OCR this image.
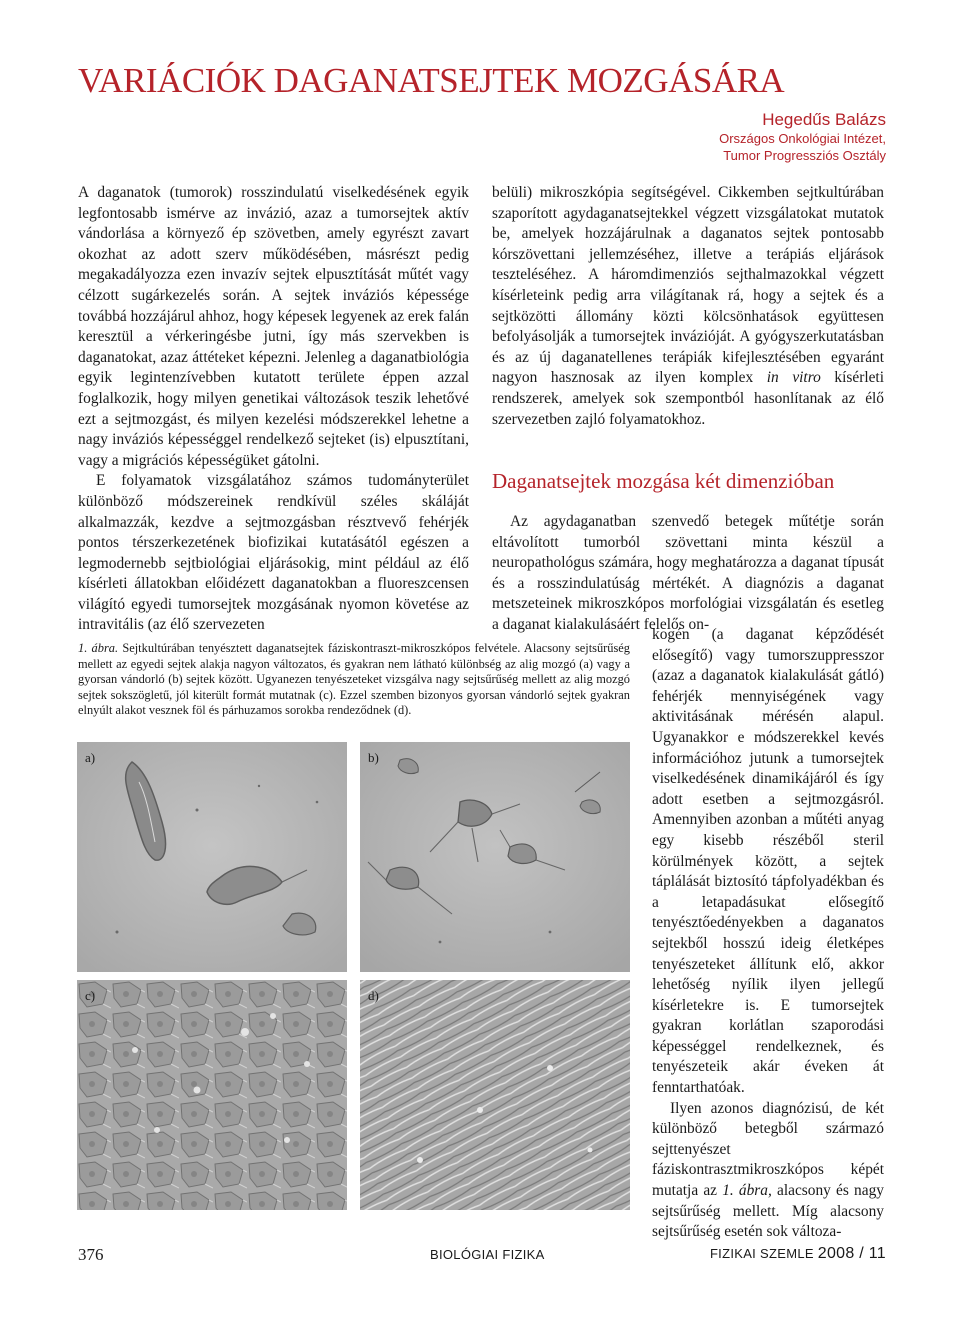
VARIÁCIÓK DAGANATSEJTEK MOZGÁSÁRA
Hegedűs Balázs
Országos Onkológiai Intézet,
Tumor Progressziós Osztály

A daganatok (tumorok) rosszindulatú viselkedésének egyik legfontosabb ismérve az invázió, azaz a tumorsejtek aktív vándorlása a környező ép szövetben, amely egyrészt zavart okozhat az adott szerv működésében, másrészt pedig megakadályozza ezen invazív sejtek elpusztítását műtét vagy célzott sugárkezelés során. A sejtek inváziós képessége továbbá hozzájárul ahhoz, hogy képesek legyenek az erek falán keresztül a vérkeringésbe jutni, így más szervekben is daganatokat, azaz áttéteket képezni. Jelenleg a daganatbiológia egyik legintenzívebben kutatott területe éppen azzal foglalkozik, hogy milyen genetikai változások teszik lehetővé ezt a sejtmozgást, és milyen kezelési módszerekkel lehetne a nagy inváziós képességgel rendelkező sejteket (is) elpusztítani, vagy a migrációs képességüket gátolni.

E folyamatok vizsgálatához számos tudományterület különböző módszereinek rendkívül széles skáláját alkalmazzák, kezdve a sejtmozgásban résztvevő fehérjék pontos térszerkezetének biofizikai kutatásától egészen a legmodernebb sejtbiológiai eljárásokig, mint például az élő kísérleti állatokban előidézett daganatokban a fluoreszcensen világító egyedi tumorsejtek mozgásának nyomon követése az intravitális (az élő szervezeten

belüli) mikroszkópia segítségével. Cikkemben sejtkultúrában szaporított agydaganatsejtekkel végzett vizsgálatokat mutatok be, amelyek hozzájárulnak a daganatos sejtek pontosabb kórszövettani jellemzéséhez, illetve a terápiás eljárások teszteléséhez. A háromdimenziós sejthalmazokkal végzett kísérleteink pedig arra világítanak rá, hogy a sejtek és a sejtközötti állomány közti kölcsönhatások együttesen befolyásolják a tumorsejtek invázióját. A gyógyszerkutatásban és az új daganatellenes terápiák kifejlesztésében egyaránt nagyon hasznosak az ilyen komplex in vitro kísérleti rendszerek, amelyek sok szempontból hasonlítanak az élő szervezetben zajló folyamatokhoz.

Daganatsejtek mozgása két dimenzióban

Az agydaganatban szenvedő betegek műtétje során eltávolított tumorból szövettani minta készül a neuropathológus számára, hogy meghatározza a daganat típusát és a rosszindulatúság mértékét. A diagnózis a daganat metszeteinek mikroszkópos morfológiai vizsgálatán és esetleg a daganat kialakulásáért felelős on-

kogén (a daganat képződését elősegítő) vagy tumorszuppresszor (azaz a daganatok kialakulását gátló) fehérjék mennyiségének vagy aktivitásának mérésén alapul. Ugyanakkor e módszerekkel kevés információhoz jutunk a tumorsejtek viselkedésének dinamikájáról és így adott esetben a sejtmozgásról. Amennyiben azonban a műtéti anyag egy kisebb részéből steril körülmények között, a sejtek táplálását biztosító tápfolyadékban és a letapadásukat elősegítő tenyésztőedényekben a daganatos sejtekből hosszú ideig életképes tenyészeteket állítunk elő, akkor lehetőség nyílik ilyen jellegű kísérletekre is. E tumorsejtek gyakran korlátlan szaporodási képességgel rendelkeznek, és tenyészeteik akár éveken át fenntarthatóak.

Ilyen azonos diagnózisú, de két különböző betegből származó sejttenyészet fáziskontrasztmikroszkópos képét mutatja az 1. ábra, alacsony és nagy sejtsűrűség mellett. Míg alacsony sejtsűrűség esetén sok változa-

1. ábra. Sejtkultúrában tenyésztett daganatsejtek fáziskontraszt-mikroszkópos felvétele. Alacsony sejtsűrűség mellett az egyedi sejtek alakja nagyon változatos, és gyakran nem látható különbség az alig mozgó (a) vagy a gyorsan vándorló (b) sejtek között. Ugyanezen tenyészeteket vizsgálva nagy sejtsűrűség mellett az alig mozgó sejtek sokszögletű, jól kiterült formát mutatnak (c). Ezzel szemben bizonyos gyorsan vándorló sejtek gyakran elnyúlt alakot vesznek föl és párhuzamos sorokba rendeződnek (d).
a)	b)
c)	d)
376	BIOLÓGIAI FIZIKA	FIZIKAI SZEMLE 2008 / 11
